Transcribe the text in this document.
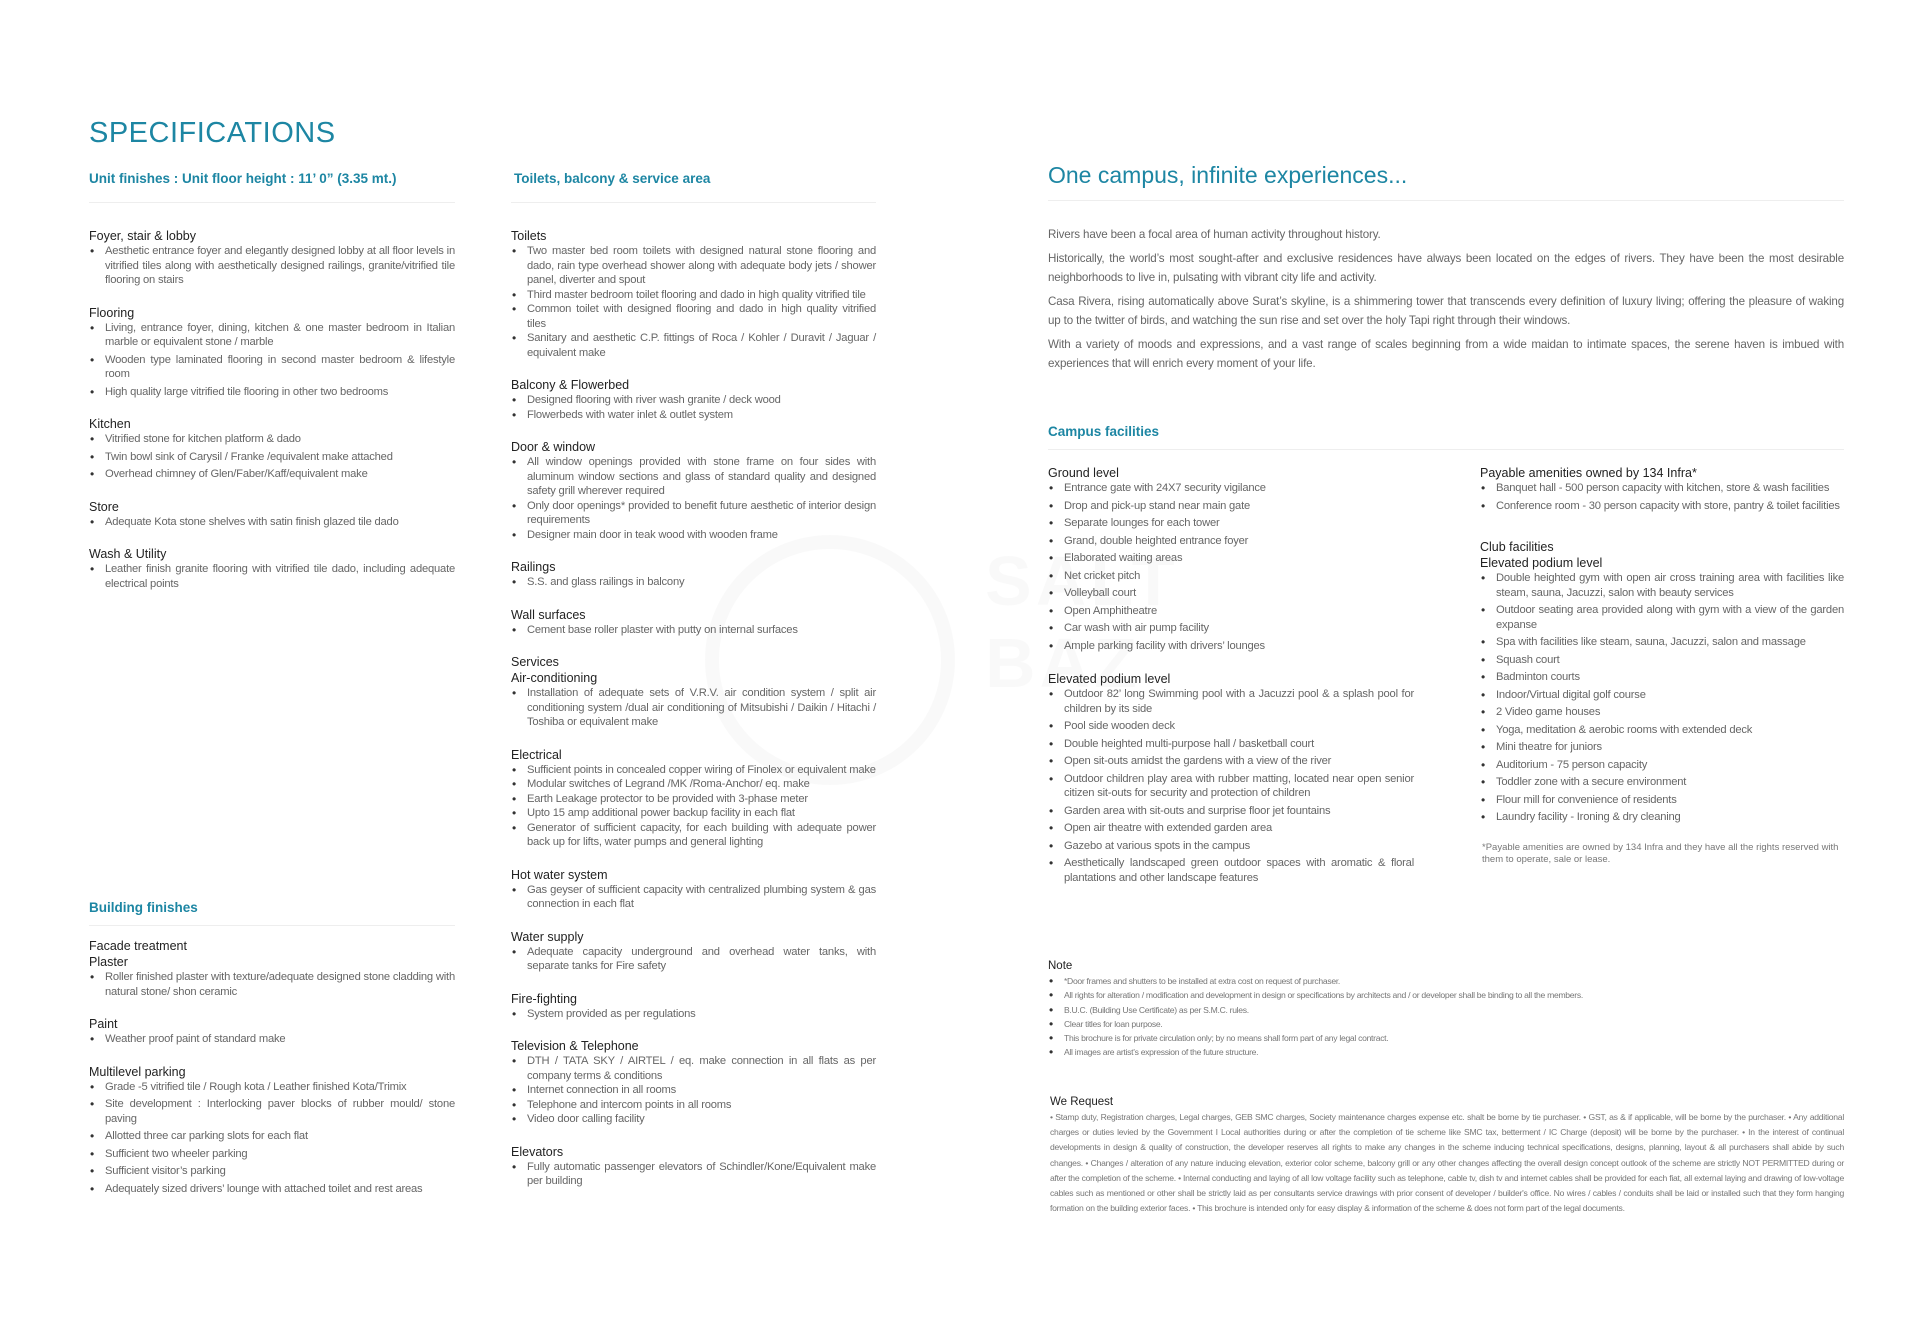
SPECIFICATIONS
Unit finishes : Unit floor height : 11’ 0” (3.35 mt.)
Foyer, stair & lobby
• Aesthetic entrance foyer and elegantly designed lobby at all floor levels in vitrified tiles along with aesthetically designed railings, granite/vitrified tile flooring on stairs
Flooring
• Living, entrance foyer, dining, kitchen & one master bedroom in Italian marble or equivalent stone / marble
• Wooden type laminated flooring in second master bedroom & lifestyle room
• High quality large vitrified tile flooring in other two bedrooms
Kitchen
• Vitrified stone for kitchen platform & dado
• Twin bowl sink of Carysil / Franke /equivalent make attached
• Overhead chimney of Glen/Faber/Kaff/equivalent make
Store
• Adequate Kota stone shelves with satin finish glazed tile dado
Wash & Utility
• Leather finish granite flooring with vitrified tile dado, including adequate electrical points
Building finishes
Facade treatment
Plaster
• Roller finished plaster with texture/adequate designed stone cladding with natural stone/ shon ceramic
Paint
• Weather proof paint of standard make
Multilevel parking
• Grade -5 vitrified tile / Rough kota / Leather finished Kota/Trimix
• Site development : Interlocking paver blocks of rubber mould/ stone paving
• Allotted three car parking slots for each flat
• Sufficient two wheeler parking
• Sufficient visitor’s parking
• Adequately sized drivers’ lounge with attached toilet and rest areas
Toilets, balcony & service area
Toilets
• Two master bed room toilets with designed natural stone flooring and dado, rain type overhead shower along with adequate body jets / shower panel, diverter and spout
• Third master bedroom toilet flooring and dado in high quality vitrified tile
• Common toilet with designed flooring and dado in high quality vitrified tiles
• Sanitary and aesthetic C.P. fittings of Roca / Kohler / Duravit / Jaguar / equivalent make
Balcony & Flowerbed
• Designed flooring with river wash granite / deck wood
• Flowerbeds with water inlet & outlet system
Door & window
• All window openings provided with stone frame on four sides with aluminum window sections and glass of standard quality and designed safety grill wherever required
• Only door openings* provided to benefit future aesthetic of interior design requirements
• Designer main door in teak wood with wooden frame
Railings
• S.S. and glass railings in balcony
Wall surfaces
• Cement base roller plaster with putty on internal surfaces
Services
Air-conditioning
• Installation of adequate sets of V.R.V. air condition system / split air conditioning system /dual air conditioning of Mitsubishi / Daikin / Hitachi / Toshiba or equivalent make
Electrical
• Sufficient points in concealed copper wiring of Finolex or equivalent make
• Modular switches of Legrand /MK /Roma-Anchor/ eq. make
• Earth Leakage protector to be provided with 3-phase meter
• Upto 15 amp additional power backup facility in each flat
• Generator of sufficient capacity, for each building with adequate power back up for lifts, water pumps and general lighting
Hot water system
• Gas geyser of sufficient capacity with centralized plumbing system & gas connection in each flat
Water supply
• Adequate capacity underground and overhead water tanks, with separate tanks for Fire safety
Fire-fighting
• System provided as per regulations
Television & Telephone
• DTH / TATA SKY / AIRTEL / eq. make connection in all flats as per company terms & conditions
• Internet connection in all rooms
• Telephone and intercom points in all rooms
• Video door calling facility
Elevators
• Fully automatic passenger elevators of Schindler/Kone/Equivalent make per building
One campus, infinite experiences...

Rivers have been a focal area of human activity throughout history.

Historically, the world’s most sought-after and exclusive residences have always been located on the edges of rivers. They have been the most desirable neighborhoods to live in, pulsating with vibrant city life and activity.

Casa Rivera, rising automatically above Surat’s skyline, is a shimmering tower that transcends every definition of luxury living; offering the pleasure of waking up to the twitter of birds, and watching the sun rise and set over the holy Tapi right through their windows.

With a variety of moods and expressions, and a vast range of scales beginning from a wide maidan to intimate spaces, the serene haven is imbued with experiences that will enrich every moment of your life.

Campus facilities
Ground level
• Entrance gate with 24X7 security vigilance
• Drop and pick-up stand near main gate
• Separate lounges for each tower
• Grand, double heighted entrance foyer
• Elaborated waiting areas
• Net cricket pitch
• Volleyball court
• Open Amphitheatre
• Car wash with air pump facility
• Ample parking facility with drivers’ lounges
Elevated podium level
• Outdoor 82’ long Swimming pool with a Jacuzzi pool & a splash pool for children by its side
• Pool side wooden deck
• Double heighted multi-purpose hall / basketball court
• Open sit-outs amidst the gardens with a view of the river
• Outdoor children play area with rubber matting, located near open senior citizen sit-outs for security and protection of children
• Garden area with sit-outs and surprise floor jet fountains
• Open air theatre with extended garden area
• Gazebo at various spots in the campus
• Aesthetically landscaped green outdoor spaces with aromatic & floral plantations and other landscape features
Payable amenities owned by 134 Infra*
• Banquet hall - 500 person capacity with kitchen, store & wash facilities
• Conference room - 30 person capacity with store, pantry & toilet facilities
Club facilities
Elevated podium level
• Double heighted gym with open air cross training area with facilities like steam, sauna, Jacuzzi, salon with beauty services
• Outdoor seating area provided along with gym with a view of the garden expanse
• Spa with facilities like steam, sauna, Jacuzzi, salon and massage
• Squash court
• Badminton courts
• Indoor/Virtual digital golf course
• 2 Video game houses
• Yoga, meditation & aerobic rooms with extended deck
• Mini theatre for juniors
• Auditorium - 75 person capacity
• Toddler zone with a secure environment
• Flour mill for convenience of residents
• Laundry facility - Ironing & dry cleaning
*Payable amenities are owned by 134 Infra and they have all the rights reserved with them to operate, sale or lease.
Note
• *Door frames and shutters to be installed at extra cost on request of purchaser.
• All rights for alteration / modification and development in design or specifications by architects and / or developer shall be binding to all the members.
• B.U.C. (Building Use Certificate) as per S.M.C. rules.
• Clear titles for loan purpose.
• This brochure is for private circulation only; by no means shall form part of any legal contract.
• All images are artist’s expression of the future structure.
We Request
• Stamp duty, Registration charges, Legal charges, GEB SMC charges, Society maintenance charges expense etc. shalt be borne by tie purchaser. • GST, as & if applicable, will be borne by the purchaser. • Any additional charges or duties levied by the Government I Local authorities during or after the completion of tie scheme like SMC tax, betterment / IC Charge (deposit) will be borne by the purchaser. • In the interest of continual developments in design & quality of construction, the developer reserves all rights to make any changes in the scheme inducing technical specifications, designs, planning, layout & all purchasers shall abide by such changes. • Changes / alteration of any nature inducing elevation, exterior color scheme, balcony grill or any other changes affecting the overall design concept outlook of the scheme are strictly NOT PERMITTED during or after the completion of the scheme. • Internal conducting and laying of all low voltage facility such as telephone, cable tv, dish tv and internet cables shall be provided for each fiat, all external laying and drawing of low-voltage cables such as mentioned or other shall be strictly laid as per consultants service drawings with prior consent of developer / builder's office. No wires / cables / conduits shall be laid or installed such that they form hanging formation on the building exterior faces. • This brochure is intended only for easy display & information of the scheme & does not form part of the legal documents.
